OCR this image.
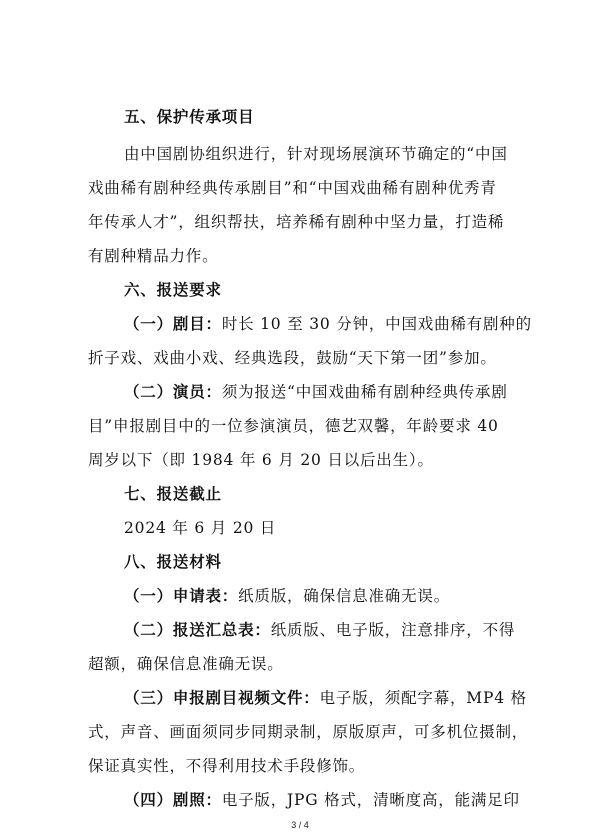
五、保护传承项目
由中国剧协组织进行，针对现场展演环节确定的“中国
戏曲稀有剧种经典传承剧目”和“中国戏曲稀有剧种优秀青
年传承人才”，组织帮扶，培养稀有剧种中坚力量，打造稀
有剧种精品力作。
六、报送要求
（一）剧目：时长 10 至 30 分钟，中国戏曲稀有剧种的
折子戏、戏曲小戏、经典选段，鼓励“天下第一团”参加。
（二）演员：须为报送“中国戏曲稀有剧种经典传承剧
目”申报剧目中的一位参演演员，德艺双馨，年龄要求 40
周岁以下（即 1984 年 6 月 20 日以后出生）。
七、报送截止
2024 年 6 月 20 日
八、报送材料
（一）申请表：纸质版，确保信息准确无误。
（二）报送汇总表：纸质版、电子版，注意排序，不得
超额，确保信息准确无误。
（三）申报剧目视频文件：电子版，须配字幕，MP4 格
式，声音、画面须同步同期录制，原版原声，可多机位摄制，
保证真实性，不得利用技术手段修饰。
（四）剧照：电子版，JPG 格式，清晰度高，能满足印
3 / 4
